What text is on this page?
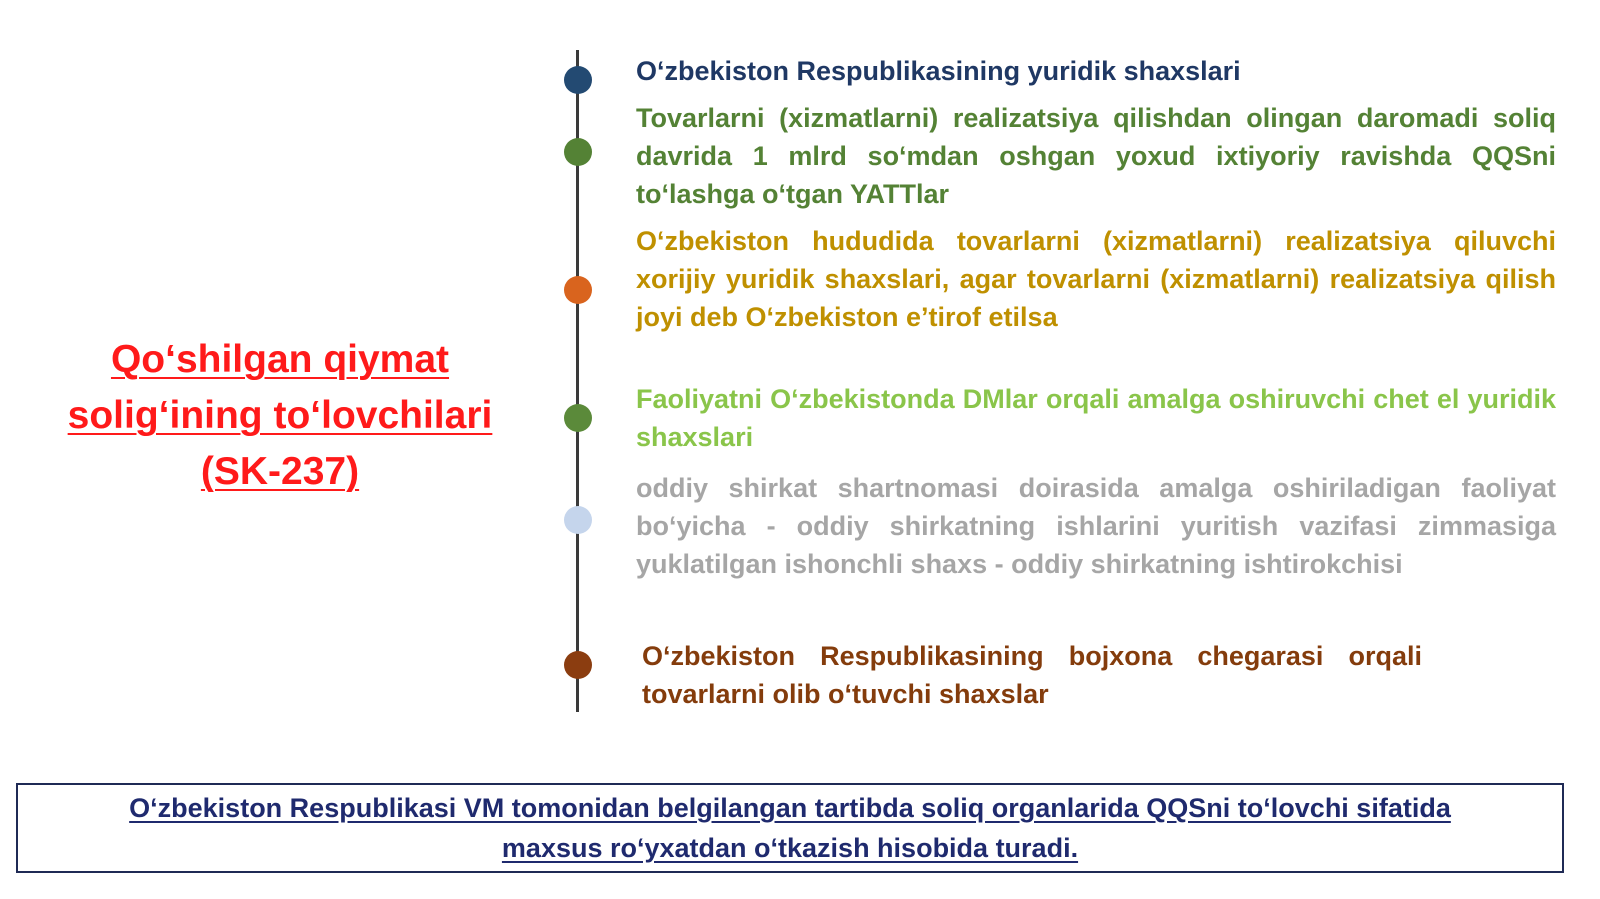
Qo‘shilgan qiymat
solig‘ining to‘lovchilari
(SK-237)
O‘zbekiston Respublikasining yuridik shaxslari
Tovarlarni (xizmatlarni) realizatsiya qilishdan olingan daromadi soliq davrida 1 mlrd so‘mdan oshgan yoxud ixtiyoriy ravishda QQSni to‘lashga o‘tgan YATTlar
O‘zbekiston hududida tovarlarni (xizmatlarni) realizatsiya qiluvchi xorijiy yuridik shaxslari, agar tovarlarni (xizmatlarni) realizatsiya qilish joyi deb O‘zbekiston e’tirof etilsa
Faoliyatni O‘zbekistonda DMlar orqali amalga oshiruvchi chet el yuridik shaxslari
oddiy shirkat shartnomasi doirasida amalga oshiriladigan faoliyat bo‘yicha - oddiy shirkatning ishlarini yuritish vazifasi zimmasiga yuklatilgan ishonchli shaxs - oddiy shirkatning ishtirokchisi
O‘zbekiston Respublikasining bojxona chegarasi orqali tovarlarni olib o‘tuvchi shaxslar
O‘zbekiston Respublikasi VM tomonidan belgilangan tartibda soliq organlarida QQSni to‘lovchi sifatida
maxsus ro‘yxatdan o‘tkazish hisobida turadi.
